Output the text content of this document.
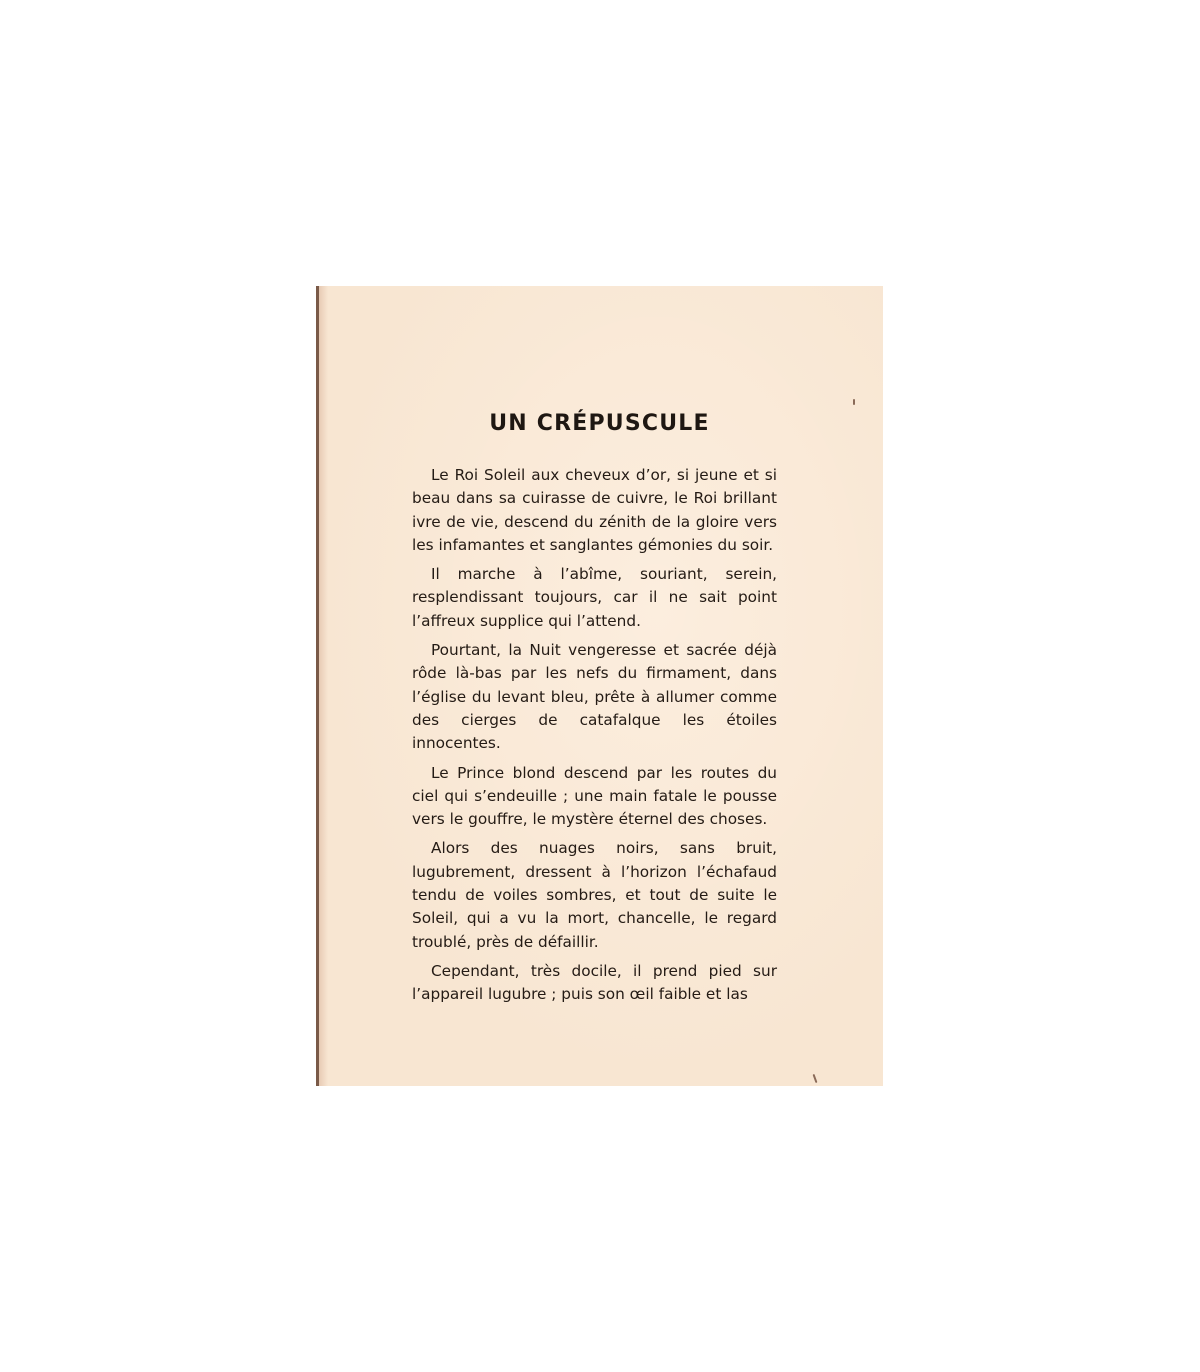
UN CRÉPUSCULE

Le Roi Soleil aux cheveux d’or, si jeune et si beau dans sa cuirasse de cuivre, le Roi brillant ivre de vie, descend du zénith de la gloire vers les infamantes et sanglantes gémonies du soir.

Il marche à l’abîme, souriant, serein, resplendissant toujours, car il ne sait point l’affreux supplice qui l’attend.

Pourtant, la Nuit vengeresse et sacrée déjà rôde là-bas par les nefs du firmament, dans l’église du levant bleu, prête à allumer comme des cierges de catafalque les étoiles innocentes.

Le Prince blond descend par les routes du ciel qui s’endeuille ; une main fatale le pousse vers le gouffre, le mystère éternel des choses.

Alors des nuages noirs, sans bruit, lugubrement, dressent à l’horizon l’échafaud tendu de voiles sombres, et tout de suite le Soleil, qui a vu la mort, chancelle, le regard troublé, près de défaillir.

Cependant, très docile, il prend pied sur l’appareil lugubre ; puis son œil faible et las
